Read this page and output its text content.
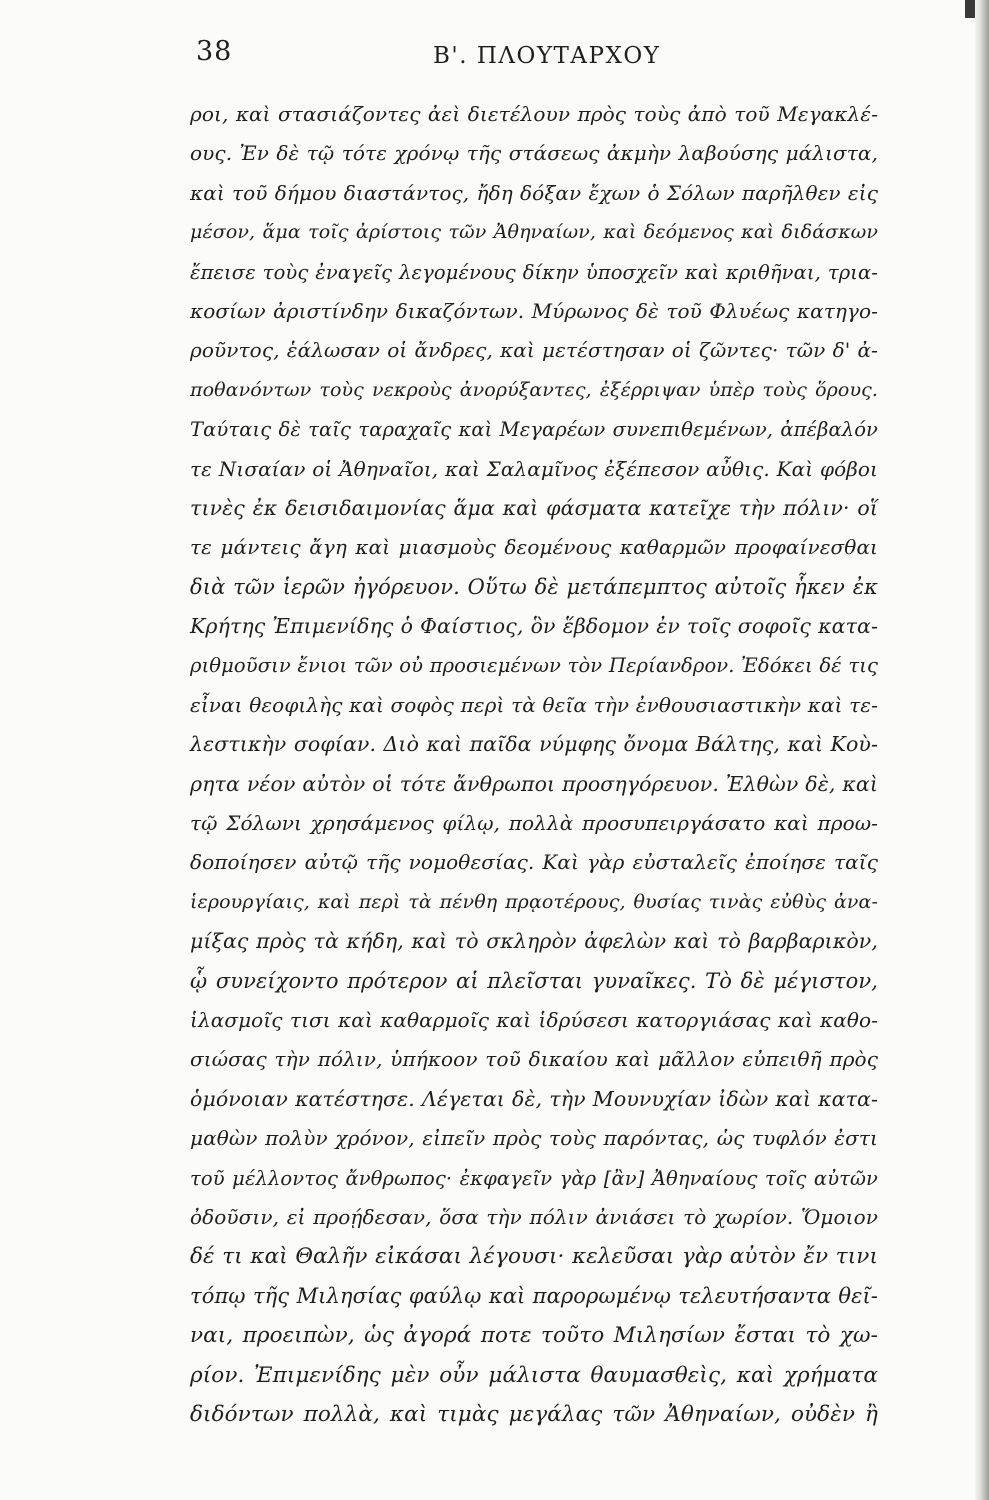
38	Β'. ΠΛΟΥΤΑΡΧΟΥ
ροι, καὶ στασιάζοντες ἀεὶ διετέλουν πρὸς τοὺς ἀπὸ τοῦ Μεγακλέ-
ους. Ἐν δὲ τῷ τότε χρόνῳ τῆς στάσεως ἀκμὴν λαβούσης μάλιστα,
καὶ τοῦ δήμου διαστάντος, ἤδη δόξαν ἔχων ὁ Σόλων παρῆλθεν εἰς
μέσον, ἅμα τοῖς ἀρίστοις τῶν Ἀθηναίων, καὶ δεόμενος καὶ διδάσκων
ἔπεισε τοὺς ἐναγεῖς λεγομένους δίκην ὑποσχεῖν καὶ κριθῆναι, τρια-
κοσίων ἀριστίνδην δικαζόντων. Μύρωνος δὲ τοῦ Φλυέως κατηγο-
ροῦντος, ἑάλωσαν οἱ ἄνδρες, καὶ μετέστησαν οἱ ζῶντες· τῶν δ' ἀ-
ποθανόντων τοὺς νεκροὺς ἀνορύξαντες, ἐξέρριψαν ὑπὲρ τοὺς ὅρους.
Ταύταις δὲ ταῖς ταραχαῖς καὶ Μεγαρέων συνεπιθεμένων, ἀπέβαλόν
τε Νισαίαν οἱ Ἀθηναῖοι, καὶ Σαλαμῖνος ἐξέπεσον αὖθις. Καὶ φόβοι
τινὲς ἐκ δεισιδαιμονίας ἅμα καὶ φάσματα κατεῖχε τὴν πόλιν· οἵ
τε μάντεις ἄγη καὶ μιασμοὺς δεομένους καθαρμῶν προφαίνεσθαι
διὰ τῶν ἱερῶν ἠγόρευον. Οὕτω δὲ μετάπεμπτος αὐτοῖς ἧκεν ἐκ
Κρήτης Ἐπιμενίδης ὁ Φαίστιος, ὃν ἕβδομον ἐν τοῖς σοφοῖς κατα-
ριθμοῦσιν ἔνιοι τῶν οὐ προσιεμένων τὸν Περίανδρον. Ἐδόκει δέ τις
εἶναι θεοφιλὴς καὶ σοφὸς περὶ τὰ θεῖα τὴν ἐνθουσιαστικὴν καὶ τε-
λεστικὴν σοφίαν. Διὸ καὶ παῖδα νύμφης ὄνομα Βάλτης, καὶ Κοὺ-
ρητα νέον αὐτὸν οἱ τότε ἄνθρωποι προσηγόρευον. Ἐλθὼν δὲ, καὶ
τῷ Σόλωνι χρησάμενος φίλῳ, πολλὰ προσυπειργάσατο καὶ προω-
δοποίησεν αὐτῷ τῆς νομοθεσίας. Καὶ γὰρ εὐσταλεῖς ἐποίησε ταῖς
ἱερουργίαις, καὶ περὶ τὰ πένθη πρᾳοτέρους, θυσίας τινὰς εὐθὺς ἀνα-
μίξας πρὸς τὰ κήδη, καὶ τὸ σκληρὸν ἀφελὼν καὶ τὸ βαρβαρικὸν,
ᾧ συνείχοντο πρότερον αἱ πλεῖσται γυναῖκες. Τὸ δὲ μέγιστον,
ἱλασμοῖς τισι καὶ καθαρμοῖς καὶ ἱδρύσεσι κατοργιάσας καὶ καθο-
σιώσας τὴν πόλιν, ὑπήκοον τοῦ δικαίου καὶ μᾶλλον εὐπειθῆ πρὸς
ὁμόνοιαν κατέστησε. Λέγεται δὲ, τὴν Μουνυχίαν ἰδὼν καὶ κατα-
μαθὼν πολὺν χρόνον, εἰπεῖν πρὸς τοὺς παρόντας, ὡς τυφλόν ἐστι
τοῦ μέλλοντος ἄνθρωπος· ἐκφαγεῖν γὰρ [ἂν] Ἀθηναίους τοῖς αὐτῶν
ὀδοῦσιν, εἰ προῄδεσαν, ὅσα τὴν πόλιν ἀνιάσει τὸ χωρίον. Ὅμοιον
δέ τι καὶ Θαλῆν εἰκάσαι λέγουσι· κελεῦσαι γὰρ αὐτὸν ἔν τινι
τόπῳ τῆς Μιλησίας φαύλῳ καὶ παρορωμένῳ τελευτήσαντα θεῖ-
ναι, προειπὼν, ὡς ἀγορά ποτε τοῦτο Μιλησίων ἔσται τὸ χω-
ρίον. Ἐπιμενίδης μὲν οὖν μάλιστα θαυμασθεὶς, καὶ χρήματα
διδόντων πολλὰ, καὶ τιμὰς μεγάλας τῶν Ἀθηναίων, οὐδὲν ἢ
